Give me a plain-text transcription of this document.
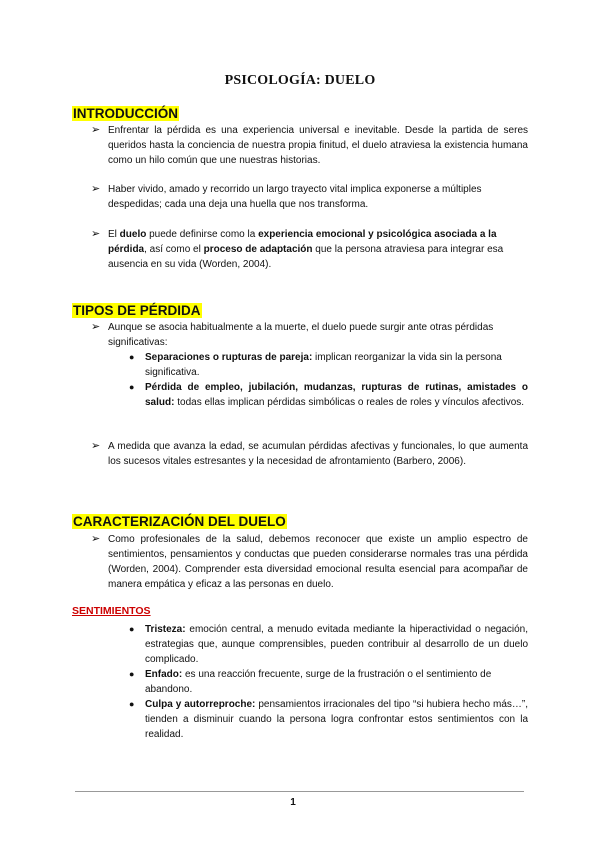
PSICOLOGÍA: DUELO
INTRODUCCIÓN
➢ Enfrentar la pérdida es una experiencia universal e inevitable. Desde la partida de seres queridos hasta la conciencia de nuestra propia finitud, el duelo atraviesa la existencia humana como un hilo común que une nuestras historias.
➢ Haber vivido, amado y recorrido un largo trayecto vital implica exponerse a múltiples despedidas; cada una deja una huella que nos transforma.
➢ El duelo puede definirse como la experiencia emocional y psicológica asociada a la pérdida, así como el proceso de adaptación que la persona atraviesa para integrar esa ausencia en su vida (Worden, 2004).
TIPOS DE PÉRDIDA
➢ Aunque se asocia habitualmente a la muerte, el duelo puede surgir ante otras pérdidas significativas:
● Separaciones o rupturas de pareja: implican reorganizar la vida sin la persona significativa.
● Pérdida de empleo, jubilación, mudanzas, rupturas de rutinas, amistades o salud: todas ellas implican pérdidas simbólicas o reales de roles y vínculos afectivos.
➢ A medida que avanza la edad, se acumulan pérdidas afectivas y funcionales, lo que aumenta los sucesos vitales estresantes y la necesidad de afrontamiento (Barbero, 2006).
CARACTERIZACIÓN DEL DUELO
➢ Como profesionales de la salud, debemos reconocer que existe un amplio espectro de sentimientos, pensamientos y conductas que pueden considerarse normales tras una pérdida (Worden, 2004). Comprender esta diversidad emocional resulta esencial para acompañar de manera empática y eficaz a las personas en duelo.
SENTIMIENTOS
● Tristeza: emoción central, a menudo evitada mediante la hiperactividad o negación, estrategias que, aunque comprensibles, pueden contribuir al desarrollo de un duelo complicado.
● Enfado: es una reacción frecuente, surge de la frustración o el sentimiento de abandono.
● Culpa y autorreproche: pensamientos irracionales del tipo “si hubiera hecho más…”, tienden a disminuir cuando la persona logra confrontar estos sentimientos con la realidad.
1
